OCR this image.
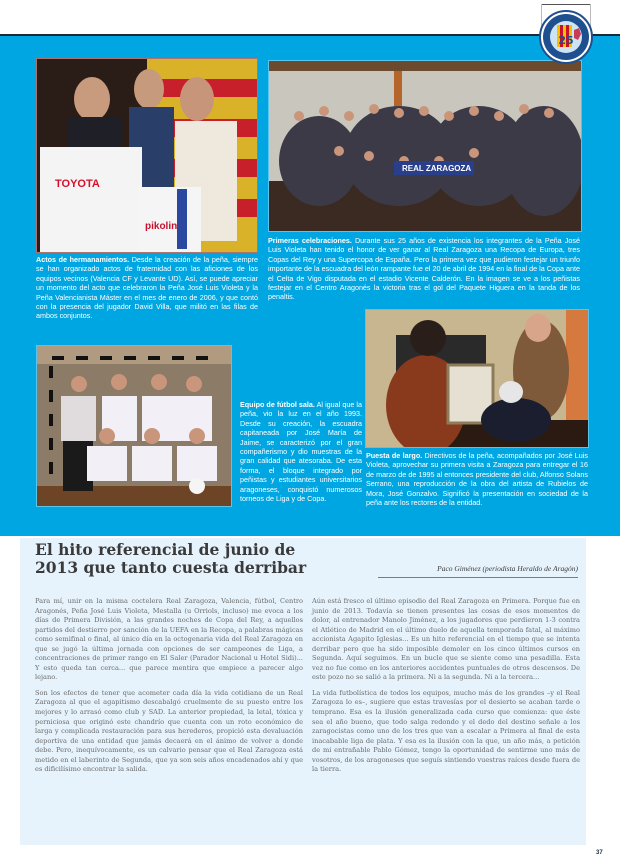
25
TOYOTA
pikolin
Actos de hermanamientos. Desde la creación de la peña, siempre se han organizado actos de fraternidad con las aficiones de los equipos vecinos (Valencia CF y Levante UD). Así, se puede apreciar un momento del acto que celebraron la Peña José Luis Violeta y la Peña Valencianista Máster en el mes de enero de 2006, y que contó con la presencia del jugador David Villa, que militó en las filas de ambos conjuntos.
REAL ZARAGOZA
Primeras celebraciones. Durante sus 25 años de existencia los integrantes de la Peña José Luis Violeta han tenido el honor de ver ganar al Real Zaragoza una Recopa de Europa, tres Copas del Rey y una Supercopa de España. Pero la primera vez que pudieron festejar un triunfo importante de la escuadra del león rampante fue el 20 de abril de 1994 en la final de la Copa ante el Celta de Vigo disputada en el estadio Vicente Calderón. En la imagen se ve a los peñistas festejar en el Centro Aragonés la victoria tras el gol del Paquete Higuera en la tanda de los penaltis.
Equipo de fútbol sala. Al igual que la peña, vio la luz en el año 1993. Desde su creación, la escuadra capitaneada por José María de Jaime, se caracterizó por el gran compañerismo y dio muestras de la gran calidad que atesoraba. De esta forma, el bloque integrado por peñistas y estudiantes universitarios aragoneses, conquistó numerosos torneos de Liga y de Copa.
Puesta de largo. Directivos de la peña, acompañados por José Luis Violeta, aprovechar su primera visita a Zaragoza para entregar el 16 de marzo de de 1995 al entonces presidente del club, Alfonso Solans Serrano, una reproducción de la obra del artista de Rubielos de Mora, José Gonzalvo. Significó la presentación en sociedad de la peña ante los rectores de la entidad.
El hito referencial de junio de 2013 que tanto cuesta derribar	Paco Giménez (periodista Heraldo de Aragón)

Para mí, unir en la misma coctelera Real Zaragoza, Valencia, fútbol, Centro Aragonés, Peña José Luis Violeta, Mestalla (u Orriols, incluso) me evoca a los días de Primera División, a las grandes noches de Copa del Rey, a aquellos partidos del destierro por sanción de la UEFA en la Recopa, a palabras mágicas como semifinal o final, al único día en la octogenaria vida del Real Zaragoza en que se jugó la última jornada con opciones de ser campeones de Liga, a concentraciones de primer rango en El Saler (Parador Nacional u Hotel Sidi)... Y esto queda tan cerca... que parece mentira que empiece a parecer algo lejano.

Son los efectos de tener que acometer cada día la vida cotidiana de un Real Zaragoza al que el agapitismo descabalgó cruelmente de su puesto entre los mejores y lo arrasó como club y SAD. La anterior propiedad, la letal, tóxica y perniciosa que originó este chandrío que cuenta con un roto económico de larga y complicada restauración para sus herederos, propició esta devaluación deportiva de una entidad que jamás decaerá en el ánimo de volver a donde debe. Pero, inequívocamente, es un calvario pensar que el Real Zaragoza está metido en el laberinto de Segunda, que ya son seis años encadenados ahí y que es dificilísimo encontrar la salida.

Aún está fresco el último episodio del Real Zaragoza en Primera. Porque fue en junio de 2013. Todavía se tienen presentes las cosas de esos momentos de dolor, al entrenador Manolo Jiménez, a los jugadores que perdieron 1-3 contra el Atlético de Madrid en el último duelo de aquella temporada fatal, al máximo accionista Agapito Iglesias... Es un hito referencial en el tiempo que se intenta derribar pero que ha sido imposible demoler en los cinco últimos cursos en Segunda. Aquí seguimos. En un bucle que se siente como una pesadilla. Esta vez no fue como en los anteriores accidentes puntuales de otros descensos. De este pozo no se salió a la primera. Ni a la segunda. Ni a la tercera...

La vida futbolística de todos los equipos, mucho más de los grandes –y el Real Zaragoza lo es–, sugiere que estas travesías por el desierto se acaban tarde o temprano. Esa es la ilusión generalizada cada curso que comienza: que éste sea el año bueno, que todo salga redondo y el dedo del destino señale a los zaragocistas como uno de los tres que van a escalar a Primera al final de esta inacabable liga de plata. Y esa es la ilusión con la que, un año más, a petición de mi entrañable Pablo Gómez, tengo la oportunidad de sentirme uno más de vosotros, de los aragoneses que seguís sintiendo vuestras raíces desde fuera de la tierra.

37
